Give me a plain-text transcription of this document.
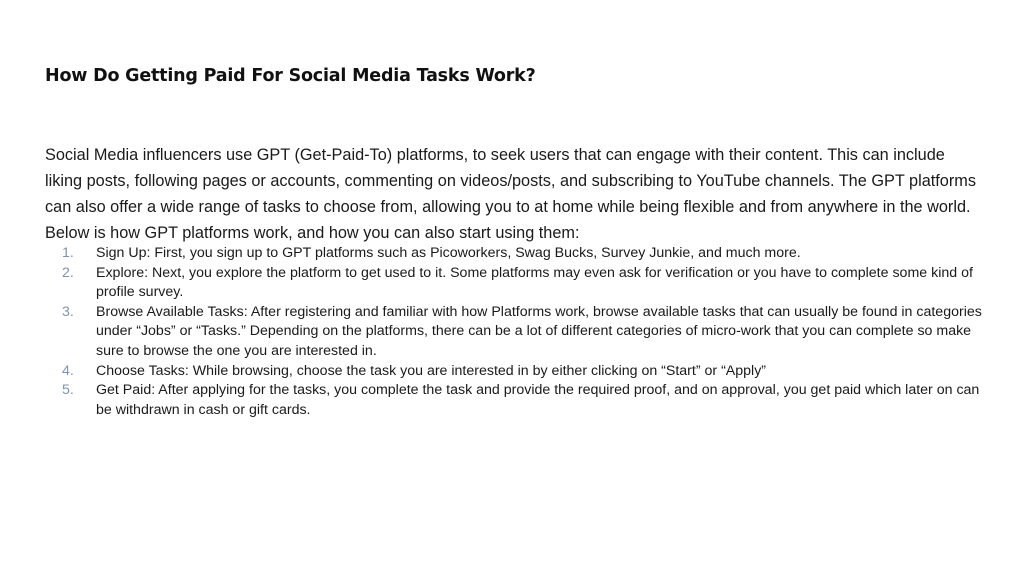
How Do Getting Paid For Social Media Tasks Work?

Social Media influencers use GPT (Get-Paid-To) platforms, to seek users that can engage with their content. This can include liking posts, following pages or accounts, commenting on videos/posts, and subscribing to YouTube channels. The GPT platforms can also offer a wide range of tasks to choose from, allowing you to at home while being flexible and from anywhere in the world. Below is how GPT platforms work, and how you can also start using them:

1. Sign Up: First, you sign up to GPT platforms such as Picoworkers, Swag Bucks, Survey Junkie, and much more.
2. Explore: Next, you explore the platform to get used to it. Some platforms may even ask for verification or you have to complete some kind of profile survey.
3. Browse Available Tasks: After registering and familiar with how Platforms work, browse available tasks that can usually be found in categories under “Jobs” or “Tasks.” Depending on the platforms, there can be a lot of different categories of micro-work that you can complete so make sure to browse the one you are interested in.
4. Choose Tasks: While browsing, choose the task you are interested in by either clicking on “Start” or “Apply”
5. Get Paid: After applying for the tasks, you complete the task and provide the required proof, and on approval, you get paid which later on can be withdrawn in cash or gift cards.
